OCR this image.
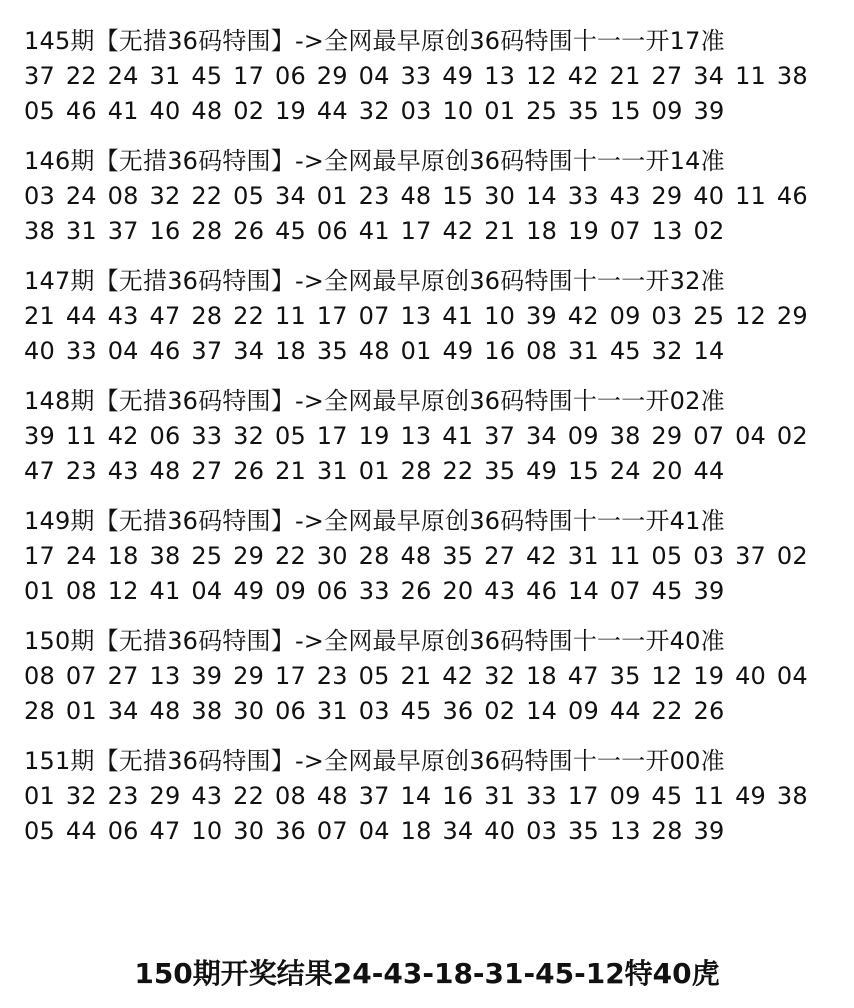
145期【无措36码特围】->全网最早原创36码特围十一一开17准
37 22 24 31 45 17 06 29 04 33 49 13 12 42 21 27 34 11 38
05 46 41 40 48 02 19 44 32 03 10 01 25 35 15 09 39
146期【无措36码特围】->全网最早原创36码特围十一一开14准
03 24 08 32 22 05 34 01 23 48 15 30 14 33 43 29 40 11 46
38 31 37 16 28 26 45 06 41 17 42 21 18 19 07 13 02
147期【无措36码特围】->全网最早原创36码特围十一一开32准
21 44 43 47 28 22 11 17 07 13 41 10 39 42 09 03 25 12 29
40 33 04 46 37 34 18 35 48 01 49 16 08 31 45 32 14
148期【无措36码特围】->全网最早原创36码特围十一一开02准
39 11 42 06 33 32 05 17 19 13 41 37 34 09 38 29 07 04 02
47 23 43 48 27 26 21 31 01 28 22 35 49 15 24 20 44
149期【无措36码特围】->全网最早原创36码特围十一一开41准
17 24 18 38 25 29 22 30 28 48 35 27 42 31 11 05 03 37 02
01 08 12 41 04 49 09 06 33 26 20 43 46 14 07 45 39
150期【无措36码特围】->全网最早原创36码特围十一一开40准
08 07 27 13 39 29 17 23 05 21 42 32 18 47 35 12 19 40 04
28 01 34 48 38 30 06 31 03 45 36 02 14 09 44 22 26
151期【无措36码特围】->全网最早原创36码特围十一一开00准
01 32 23 29 43 22 08 48 37 14 16 31 33 17 09 45 11 49 38
05 44 06 47 10 30 36 07 04 18 34 40 03 35 13 28 39
150期开奖结果24-43-18-31-45-12特40虎
